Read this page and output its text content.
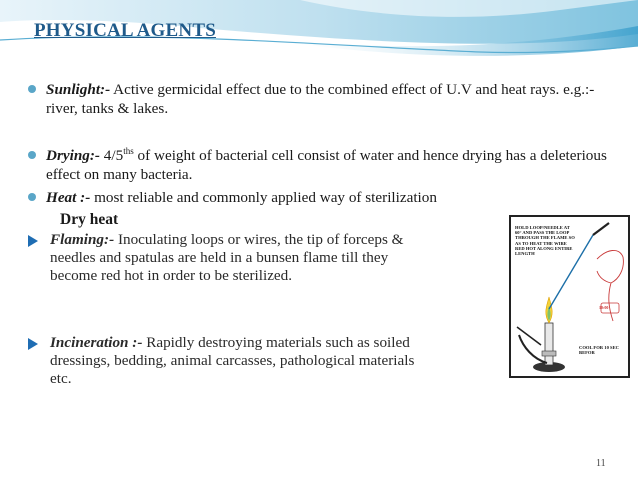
PHYSICAL AGENTS
Sunlight:- Active germicidal effect due to the combined effect of U.V and heat rays. e.g.:- river, tanks & lakes.
Drying:- $4/5^{ths}$ of weight of bacterial cell consist of water and hence drying has a deleterious effect on many bacteria.
Heat :- most reliable and commonly applied way of sterilization
Dry heat
Flaming:- Inoculating loops or wires, the tip of forceps & needles and spatulas are held in a bunsen flame till they become red hot in order to be sterilized.
Incineration :- Rapidly destroying materials such as soiled dressings, bedding, animal carcasses, pathological materials etc.
HOLD LOOP/NEEDLE AT 60° AND PASS THE LOOP THROUGH THE FLAME SO AS TO HEAT THE WIRE RED HOT ALONG ENTIRE LENGTH
10:00
COOL FOR 10 SEC BEFOR
11
